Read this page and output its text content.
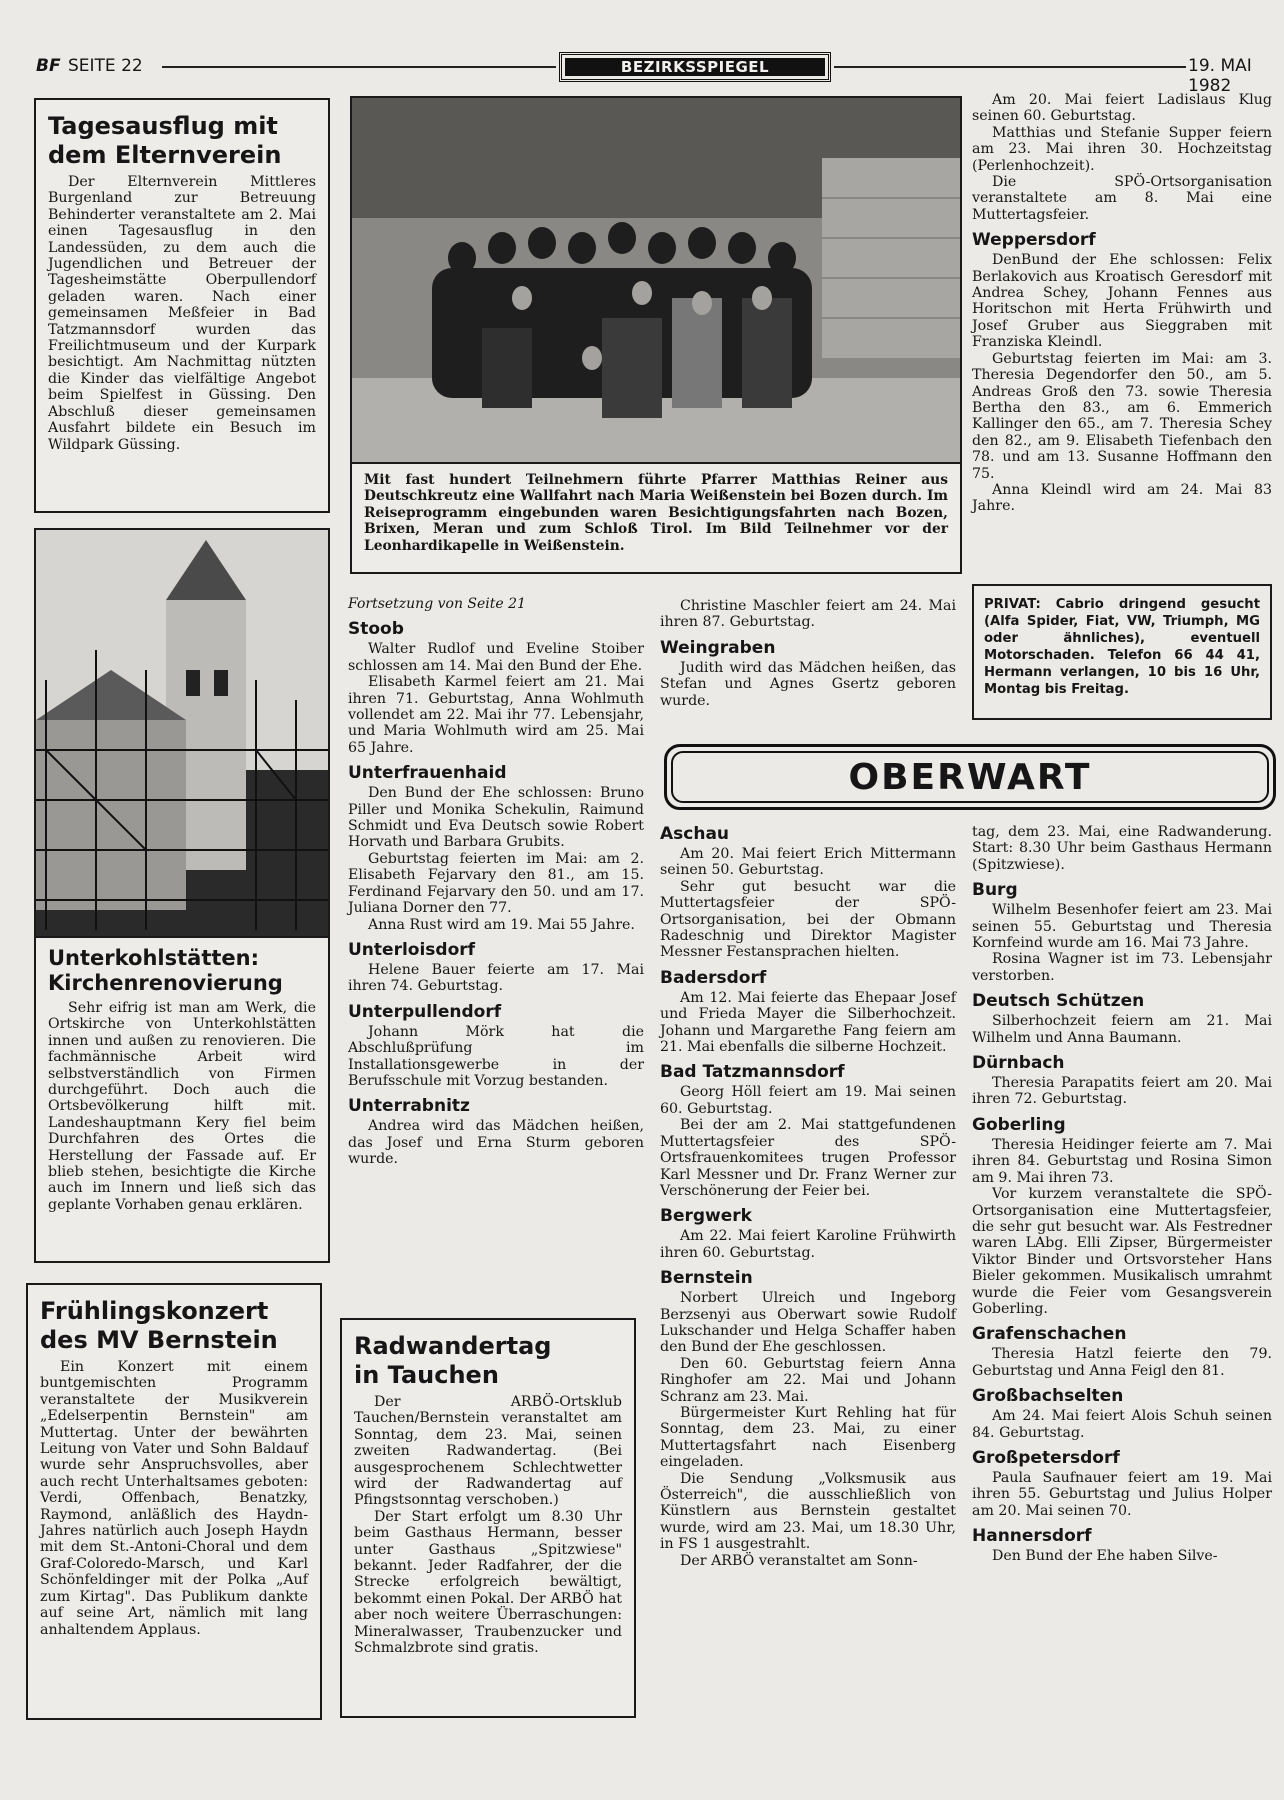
BF SEITE 22	BEZIRKSSPIEGEL	19. MAI 1982
Tagesausflug mit
dem Elternverein

Der Elternverein Mittleres Burgenland zur Betreuung Behinderter veranstaltete am 2. Mai einen Tagesausflug in den Landessüden, zu dem auch die Jugendlichen und Betreuer der Tagesheimstätte Oberpullendorf geladen waren. Nach einer gemeinsamen Meßfeier in Bad Tatzmannsdorf wurden das Freilichtmuseum und der Kurpark besichtigt. Am Nachmittag nützten die Kinder das vielfältige Angebot beim Spielfest in Güssing. Den Abschluß dieser gemeinsamen Ausfahrt bildete ein Besuch im Wildpark Güssing.

Unterkohlstätten:
Kirchenrenovierung

Sehr eifrig ist man am Werk, die Ortskirche von Unterkohlstätten innen und außen zu renovieren. Die fachmännische Arbeit wird selbstverständlich von Firmen durchgeführt. Doch auch die Ortsbevölkerung hilft mit. Landeshauptmann Kery fiel beim Durchfahren des Ortes die Herstellung der Fassade auf. Er blieb stehen, besichtigte die Kirche auch im Innern und ließ sich das geplante Vorhaben genau erklären.

Frühlingskonzert
des MV Bernstein

Ein Konzert mit einem buntgemischten Programm veranstaltete der Musikverein „Edelserpentin Bernstein" am Muttertag. Unter der bewährten Leitung von Vater und Sohn Baldauf wurde sehr Anspruchsvolles, aber auch recht Unterhaltsames geboten: Verdi, Offenbach, Benatzky, Raymond, anläßlich des Haydn-Jahres natürlich auch Joseph Haydn mit dem St.-Antoni-Choral und dem Graf-Coloredo-Marsch, und Karl Schönfeldinger mit der Polka „Auf zum Kirtag". Das Publikum dankte auf seine Art, nämlich mit lang anhaltendem Applaus.

Mit fast hundert Teilnehmern führte Pfarrer Matthias Reiner aus Deutschkreutz eine Wallfahrt nach Maria Weißenstein bei Bozen durch. Im Reiseprogramm eingebunden waren Besichtigungsfahrten nach Bozen, Brixen, Meran und zum Schloß Tirol. Im Bild Teilnehmer vor der Leonhardikapelle in Weißenstein.

Am 20. Mai feiert Ladislaus Klug seinen 60. Geburtstag.

Matthias und Stefanie Supper feiern am 23. Mai ihren 30. Hochzeitstag (Perlenhochzeit).

Die SPÖ-Ortsorganisation veranstaltete am 8. Mai eine Muttertagsfeier.

Weppersdorf

DenBund der Ehe schlossen: Felix Berlakovich aus Kroatisch Geresdorf mit Andrea Schey, Johann Fennes aus Horitschon mit Herta Frühwirth und Josef Gruber aus Sieggraben mit Franziska Kleindl.

Geburtstag feierten im Mai: am 3. Theresia Degendorfer den 50., am 5. Andreas Groß den 73. sowie Theresia Bertha den 83., am 6. Emmerich Kallinger den 65., am 7. Theresia Schey den 82., am 9. Elisabeth Tiefenbach den 78. und am 13. Susanne Hoffmann den 75.

Anna Kleindl wird am 24. Mai 83 Jahre.

PRIVAT: Cabrio dringend gesucht (Alfa Spider, Fiat, VW, Triumph, MG oder ähnliches), eventuell Motorschaden. Telefon 66 44 41, Hermann verlangen, 10 bis 16 Uhr, Montag bis Freitag.
Fortsetzung von Seite 21
Stoob

Walter Rudlof und Eveline Stoiber schlossen am 14. Mai den Bund der Ehe.

Elisabeth Karmel feiert am 21. Mai ihren 71. Geburtstag, Anna Wohlmuth vollendet am 22. Mai ihr 77. Lebensjahr, und Maria Wohlmuth wird am 25. Mai 65 Jahre.

Unterfrauenhaid

Den Bund der Ehe schlossen: Bruno Piller und Monika Schekulin, Raimund Schmidt und Eva Deutsch sowie Robert Horvath und Barbara Grubits.

Geburtstag feierten im Mai: am 2. Elisabeth Fejarvary den 81., am 15. Ferdinand Fejarvary den 50. und am 17. Juliana Dorner den 77.

Anna Rust wird am 19. Mai 55 Jahre.

Unterloisdorf

Helene Bauer feierte am 17. Mai ihren 74. Geburtstag.

Unterpullendorf

Johann Mörk hat die Abschlußprüfung im Installationsgewerbe in der Berufsschule mit Vorzug bestanden.

Unterrabnitz

Andrea wird das Mädchen heißen, das Josef und Erna Sturm geboren wurde.

Christine Maschler feiert am 24. Mai ihren 87. Geburtstag.

Weingraben

Judith wird das Mädchen heißen, das Stefan und Agnes Gsertz geboren wurde.

OBERWART
Aschau

Am 20. Mai feiert Erich Mittermann seinen 50. Geburtstag.

Sehr gut besucht war die Muttertagsfeier der SPÖ-Ortsorganisation, bei der Obmann Radeschnig und Direktor Magister Messner Festansprachen hielten.

Badersdorf

Am 12. Mai feierte das Ehepaar Josef und Frieda Mayer die Silberhochzeit. Johann und Margarethe Fang feiern am 21. Mai ebenfalls die silberne Hochzeit.

Bad Tatzmannsdorf

Georg Höll feiert am 19. Mai seinen 60. Geburtstag.

Bei der am 2. Mai stattgefundenen Muttertagsfeier des SPÖ-Ortsfrauenkomitees trugen Professor Karl Messner und Dr. Franz Werner zur Verschönerung der Feier bei.

Bergwerk

Am 22. Mai feiert Karoline Frühwirth ihren 60. Geburtstag.

Bernstein

Norbert Ulreich und Ingeborg Berzsenyi aus Oberwart sowie Rudolf Lukschander und Helga Schaffer haben den Bund der Ehe geschlossen.

Den 60. Geburtstag feiern Anna Ringhofer am 22. Mai und Johann Schranz am 23. Mai.

Bürgermeister Kurt Rehling hat für Sonntag, dem 23. Mai, zu einer Muttertagsfahrt nach Eisenberg eingeladen.

Die Sendung „Volksmusik aus Österreich", die ausschließlich von Künstlern aus Bernstein gestaltet wurde, wird am 23. Mai, um 18.30 Uhr, in FS 1 ausgestrahlt.

Der ARBÖ veranstaltet am Sonn-

Radwandertag
in Tauchen

Der ARBÖ-Ortsklub Tauchen/Bernstein veranstaltet am Sonntag, dem 23. Mai, seinen zweiten Radwandertag. (Bei ausgesprochenem Schlechtwetter wird der Radwandertag auf Pfingstsonntag verschoben.)

Der Start erfolgt um 8.30 Uhr beim Gasthaus Hermann, besser unter Gasthaus „Spitzwiese" bekannt. Jeder Radfahrer, der die Strecke erfolgreich bewältigt, bekommt einen Pokal. Der ARBÖ hat aber noch weitere Überraschungen: Mineralwasser, Traubenzucker und Schmalzbrote sind gratis.

tag, dem 23. Mai, eine Radwanderung. Start: 8.30 Uhr beim Gasthaus Hermann (Spitzwiese).

Burg

Wilhelm Besenhofer feiert am 23. Mai seinen 55. Geburtstag und Theresia Kornfeind wurde am 16. Mai 73 Jahre.

Rosina Wagner ist im 73. Lebensjahr verstorben.

Deutsch Schützen

Silberhochzeit feiern am 21. Mai Wilhelm und Anna Baumann.

Dürnbach

Theresia Parapatits feiert am 20. Mai ihren 72. Geburtstag.

Goberling

Theresia Heidinger feierte am 7. Mai ihren 84. Geburtstag und Rosina Simon am 9. Mai ihren 73.

Vor kurzem veranstaltete die SPÖ-Ortsorganisation eine Muttertagsfeier, die sehr gut besucht war. Als Festredner waren LAbg. Elli Zipser, Bürgermeister Viktor Binder und Ortsvorsteher Hans Bieler gekommen. Musikalisch umrahmt wurde die Feier vom Gesangsverein Goberling.

Grafenschachen

Theresia Hatzl feierte den 79. Geburtstag und Anna Feigl den 81.

Großbachselten

Am 24. Mai feiert Alois Schuh seinen 84. Geburtstag.

Großpetersdorf

Paula Saufnauer feiert am 19. Mai ihren 55. Geburtstag und Julius Holper am 20. Mai seinen 70.

Hannersdorf

Den Bund der Ehe haben Silve-
